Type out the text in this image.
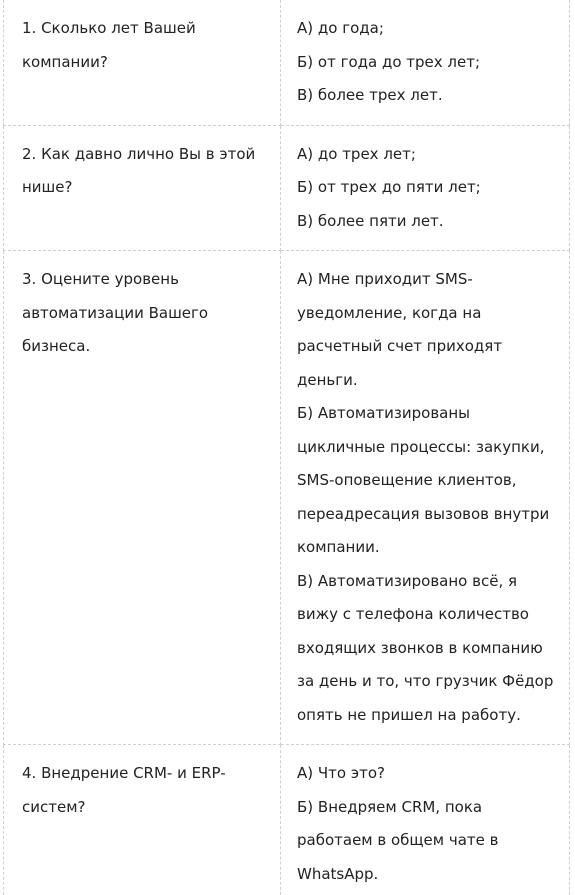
1. Сколько лет Вашей компании?	А) до года;
Б) от года до трех лет;
В) более трех лет.

2. Как давно лично Вы в этой нише?	А) до трех лет;
Б) от трех до пяти лет;
В) более пяти лет.

3. Оцените уровень автоматизации Вашего бизнеса.	А) Мне приходит SMS-уведомление, когда на расчетный счет приходят деньги.
Б) Автоматизированы цикличные процессы: закупки, SMS-оповещение клиентов, переадресация вызовов внутри компании.
В) Автоматизировано всё, я вижу с телефона количество входящих звонков в компанию за день и то, что грузчик Фёдор опять не пришел на работу.

4. Внедрение CRM- и ERP-систем?	А) Что это?
Б) Внедряем CRM, пока работаем в общем чате в WhatsApp.
